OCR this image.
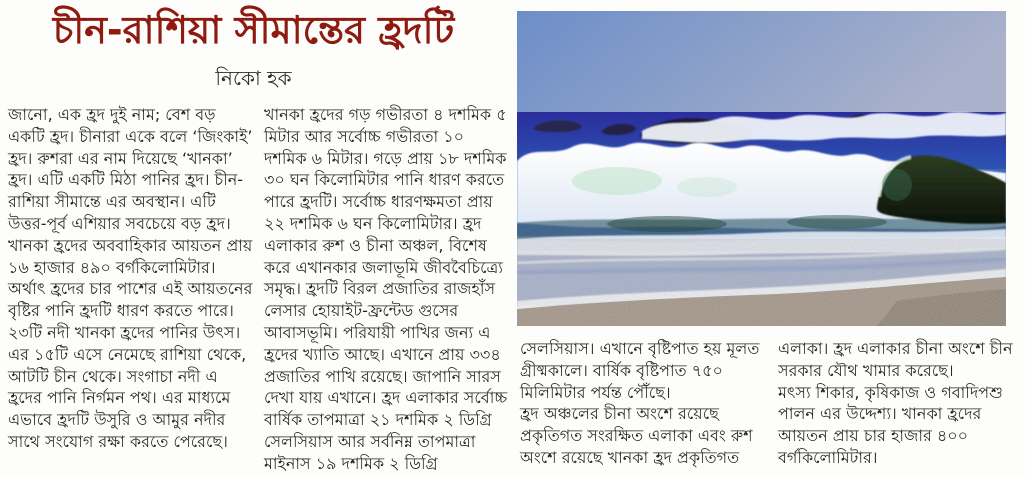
চীন-রাশিয়া সীমান্তের হ্রদটি
নিকো হক

জানো, এক হ্রদ দুই নাম; বেশ বড় একটি হ্রদ। চীনারা একে বলে ‘জিংকাই’ হ্রদ। রুশরা এর নাম দিয়েছে ‘খানকা’ হ্রদ। এটি একটি মিঠা পানির হ্রদ। চীন-রাশিয়া সীমান্তে এর অবস্থান। এটি উত্তর-পূর্ব এশিয়ার সবচেয়ে বড় হ্রদ।

খানকা হ্রদের অববাহিকার আয়তন প্রায় ১৬ হাজার ৪৯০ বর্গকিলোমিটার। অর্থাৎ হ্রদের চার পাশের এই আয়তনের বৃষ্টির পানি হ্রদটি ধারণ করতে পারে।

২৩টি নদী খানকা হ্রদের পানির উৎস। এর ১৫টি এসে নেমেছে রাশিয়া থেকে, আটটি চীন থেকে। সংগাচা নদী এ হ্রদের পানি নির্গমন পথ। এর মাধ্যমে এভাবে হ্রদটি উসুরি ও আমুর নদীর সাথে সংযোগ রক্ষা করতে পেরেছে।

খানকা হ্রদের গড় গভীরতা ৪ দশমিক ৫ মিটার আর সর্বোচ্চ গভীরতা ১০ দশমিক ৬ মিটার। গড়ে প্রায় ১৮ দশমিক ৩০ ঘন কিলোমিটার পানি ধারণ করতে পারে হ্রদটি। সর্বোচ্চ ধারণক্ষমতা প্রায় ২২ দশমিক ৬ ঘন কিলোমিটার। হ্রদ এলাকার রুশ ও চীনা অঞ্চল, বিশেষ করে এখানকার জলাভূমি জীববৈচিত্র্যে সমৃদ্ধ। হ্রদটি বিরল প্রজাতির রাজহাঁস লেসার হোয়াইট-ফ্রন্টেড গুসের আবাসভূমি। পরিযায়ী পাখির জন্য এ হ্রদের খ্যাতি আছে। এখানে প্রায় ৩৩৪ প্রজাতির পাখি রয়েছে। জাপানি সারস দেখা যায় এখানে। হ্রদ এলাকার সর্বোচ্চ বার্ষিক তাপমাত্রা ২১ দশমিক ২ ডিগ্রি সেলসিয়াস আর সর্বনিম্ন তাপমাত্রা মাইনাস ১৯ দশমিক ২ ডিগ্রি

সেলসিয়াস। এখানে বৃষ্টিপাত হয় মূলত গ্রীষ্মকালে। বার্ষিক বৃষ্টিপাত ৭৫০ মিলিমিটার পর্যন্ত পৌঁছে।

হ্রদ অঞ্চলের চীনা অংশে রয়েছে প্রকৃতিগত সংরক্ষিত এলাকা এবং রুশ অংশে রয়েছে খানকা হ্রদ প্রকৃতিগত

এলাকা। হ্রদ এলাকার চীনা অংশে চীন সরকার যৌথ খামার করেছে।

মৎস্য শিকার, কৃষিকাজ ও গবাদিপশু পালন এর উদ্দেশ্য। খানকা হ্রদের আয়তন প্রায় চার হাজার ৪০০ বর্গকিলোমিটার।
